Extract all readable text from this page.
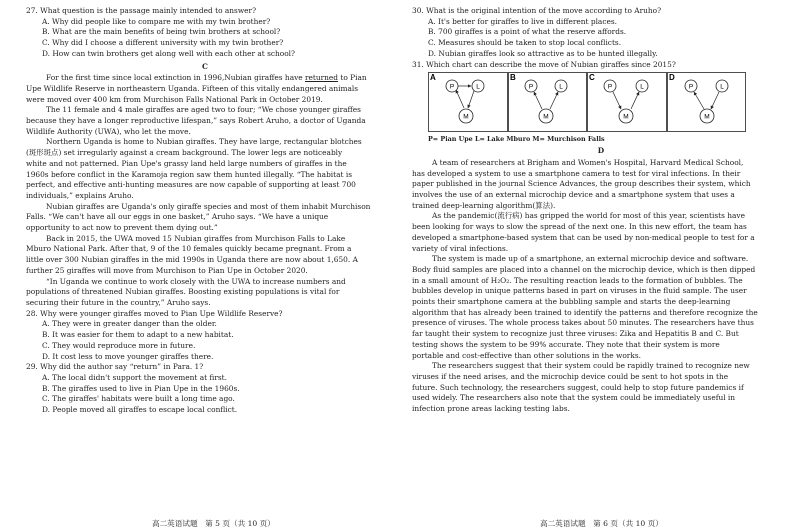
27. What question is the passage mainly intended to answer?
A. Why did people like to compare me with my twin brother?
B. What are the main benefits of being twin brothers at school?
C. Why did I choose a different university with my twin brother?
D. How can twin brothers get along well with each other at school?
C
For the first time since local extinction in 1996,Nubian giraffes have returned to Pian
Upe Wildlife Reserve in northeastern Uganda. Fifteen of this vitally endangered animals
were moved over 400 km from Murchison Falls National Park in October 2019.
The 11 female and 4 male giraffes are aged two to four; “We chose younger giraffes
because they have a longer reproductive lifespan,” says Robert Aruho, a doctor of Uganda
Wildlife Authority (UWA), who let the move.
Northern Uganda is home to Nubian giraffes. They have large, rectangular blotches
(斑形斑点) set irregularly against a cream background. The lower legs are noticeably
white and not patterned. Pian Upe's grassy land held large numbers of giraffes in the
1960s before conflict in the Karamoja region saw them hunted illegally. “The habitat is
perfect, and effective anti-hunting measures are now capable of supporting at least 700
individuals,” explains Aruho.
Nubian giraffes are Uganda's only giraffe species and most of them inhabit Murchison
Falls. “We can't have all our eggs in one basket,” Aruho says. “We have a unique
opportunity to act now to prevent them dying out.”
Back in 2015, the UWA moved 15 Nubian giraffes from Murchison Falls to Lake
Mburo National Park. After that, 9 of the 10 females quickly became pregnant. From a
little over 300 Nubian giraffes in the mid 1990s in Uganda there are now about 1,650. A
further 25 giraffes will move from Murchison to Pian Upe in October 2020.
“In Uganda we continue to work closely with the UWA to increase numbers and
populations of threatened Nubian giraffes. Boosting existing populations is vital for
securing their future in the country,” Aruho says.
28. Why were younger giraffes moved to Pian Upe Wildlife Reserve?
A. They were in greater danger than the older.
B. It was easier for them to adapt to a new habitat.
C. They would reproduce more in future.
D. It cost less to move younger giraffes there.
29. Why did the author say “return” in Para. 1?
A. The local didn't support the movement at first.
B. The giraffes used to live in Pian Upe in the 1960s.
C. The giraffes' habitats were built a long time ago.
D. People moved all giraffes to escape local conflict.
30. What is the original intention of the move according to Aruho?
A. It's better for giraffes to live in different places.
B. 700 giraffes is a point of what the reserve affords.
C. Measures should be taken to stop local conflicts.
D. Nubian giraffes look so attractive as to be hunted illegally.
31. Which chart can describe the move of Nubian giraffes since 2015?
A
P	L
M
B
P	L
M
C
P	L
M
D
P	L
M
P= Pian Upe L= Lake Mburo M= Murchison Falls
D
A team of researchers at Brigham and Women's Hospital, Harvard Medical School,
has developed a system to use a smartphone camera to test for viral infections. In their
paper published in the journal Science Advances, the group describes their system, which
involves the use of an external microchip device and a smartphone system that uses a
trained deep-learning algorithm(算法).
As the pandemic(流行病) has gripped the world for most of this year, scientists have
been looking for ways to slow the spread of the next one. In this new effort, the team has
developed a smartphone-based system that can be used by non-medical people to test for a
variety of viral infections.
The system is made up of a smartphone, an external microchip device and software.
Body fluid samples are placed into a channel on the microchip device, which is then dipped
in a small amount of H₂O₂. The resulting reaction leads to the formation of bubbles. The
bubbles develop in unique patterns based in part on viruses in the fluid sample. The user
points their smartphone camera at the bubbling sample and starts the deep-learning
algorithm that has already been trained to identify the patterns and therefore recognize the
presence of viruses. The whole process takes about 50 minutes. The researchers have thus
far taught their system to recognize just three viruses: Zika and Hepatitis B and C. But
testing shows the system to be 99% accurate. They note that their system is more
portable and cost-effective than other solutions in the works.
The researchers suggest that their system could be rapidly trained to recognize new
viruses if the need arises, and the microchip device could be sent to hot spots in the
future. Such technology, the researchers suggest, could help to stop future pandemics if
used widely. The researchers also note that the system could be immediately useful in
infection prone areas lacking testing labs.
高二英语试题　第 5 页（共 10 页）	高二英语试题　第 6 页（共 10 页）
